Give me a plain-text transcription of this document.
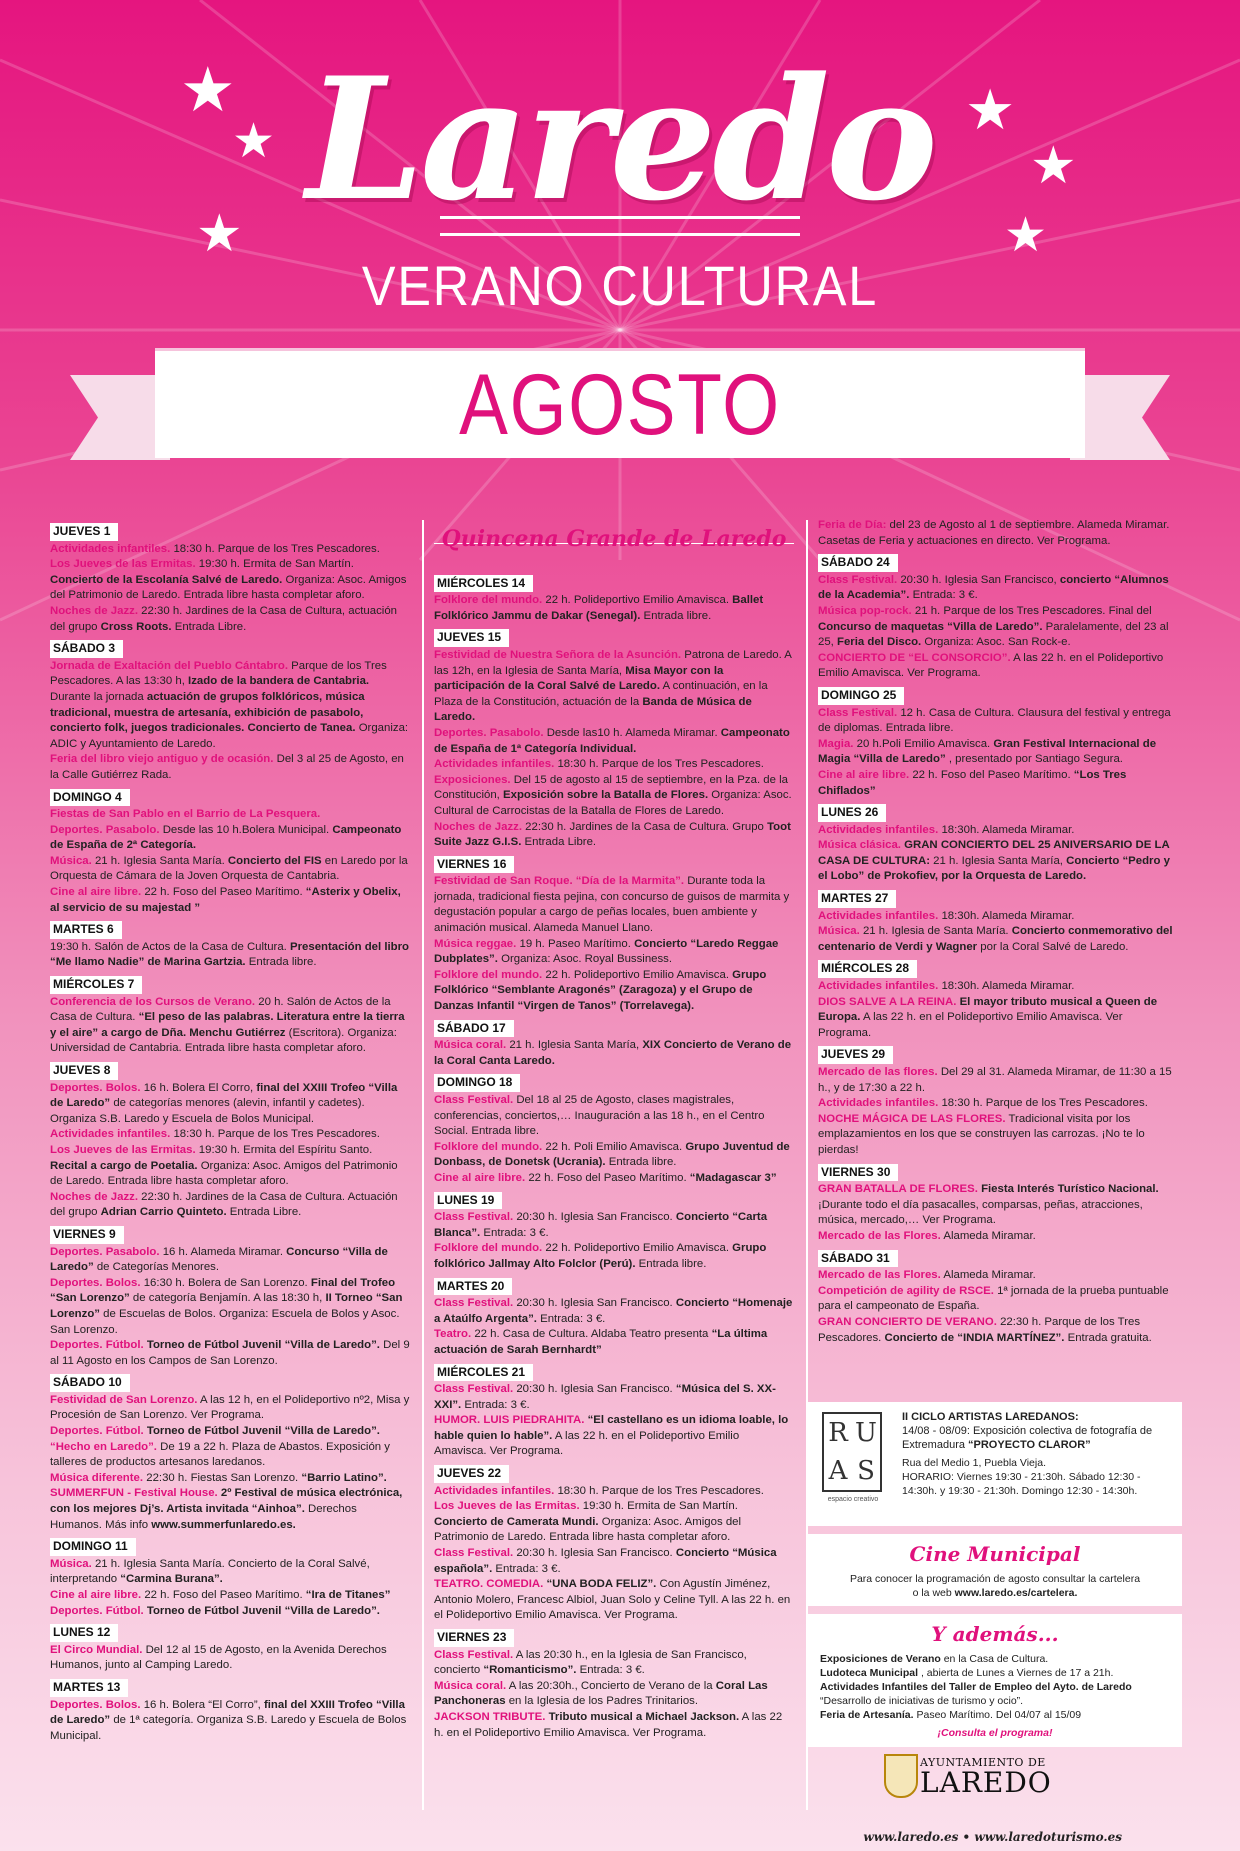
★
★
★
★
★
★
Laredo
VERANO CULTURAL
AGOSTO
JUEVES 1
Actividades infantiles. 18:30 h. Parque de los Tres Pescadores.
Los Jueves de las Ermitas. 19:30 h. Ermita de San Martín. Concierto de la Escolanía Salvé de Laredo. Organiza: Asoc. Amigos del Patrimonio de Laredo. Entrada libre hasta completar aforo.
Noches de Jazz. 22:30 h. Jardines de la Casa de Cultura, actuación del grupo Cross Roots. Entrada Libre.
SÁBADO 3
Jornada de Exaltación del Pueblo Cántabro. Parque de los Tres Pescadores. A las 13:30 h, Izado de la bandera de Cantabria. Durante la jornada actuación de grupos folklóricos, música tradicional, muestra de artesanía, exhibición de pasabolo, concierto folk, juegos tradicionales. Concierto de Tanea. Organiza: ADIC y Ayuntamiento de Laredo.
Feria del libro viejo antiguo y de ocasión. Del 3 al 25 de Agosto, en la Calle Gutiérrez Rada.
DOMINGO 4
Fiestas de San Pablo en el Barrio de La Pesquera.
Deportes. Pasabolo. Desde las 10 h.Bolera Municipal. Campeonato de España de 2ª Categoría.
Música. 21 h. Iglesia Santa María. Concierto del FIS en Laredo por la Orquesta de Cámara de la Joven Orquesta de Cantabria.
Cine al aire libre. 22 h. Foso del Paseo Marítimo. “Asterix y Obelix, al servicio de su majestad ”
MARTES 6
19:30 h. Salón de Actos de la Casa de Cultura. Presentación del libro “Me llamo Nadie” de Marina Gartzia. Entrada libre.
MIÉRCOLES 7
Conferencia de los Cursos de Verano. 20 h. Salón de Actos de la Casa de Cultura. “El peso de las palabras. Literatura entre la tierra y el aire” a cargo de Dña. Menchu Gutiérrez (Escritora). Organiza: Universidad de Cantabria. Entrada libre hasta completar aforo.
JUEVES 8
Deportes. Bolos. 16 h. Bolera El Corro, final del XXIII Trofeo “Villa de Laredo” de categorías menores (alevin, infantil y cadetes). Organiza S.B. Laredo y Escuela de Bolos Municipal.
Actividades infantiles. 18:30 h. Parque de los Tres Pescadores.
Los Jueves de las Ermitas. 19:30 h. Ermita del Espíritu Santo. Recital a cargo de Poetalia. Organiza: Asoc. Amigos del Patrimonio de Laredo. Entrada libre hasta completar aforo.
Noches de Jazz. 22:30 h. Jardines de la Casa de Cultura. Actuación del grupo Adrian Carrio Quinteto. Entrada Libre.
VIERNES 9
Deportes. Pasabolo. 16 h. Alameda Miramar. Concurso “Villa de Laredo” de Categorías Menores.
Deportes. Bolos. 16:30 h. Bolera de San Lorenzo. Final del Trofeo “San Lorenzo” de categoría Benjamín. A las 18:30 h, II Torneo “San Lorenzo” de Escuelas de Bolos. Organiza: Escuela de Bolos y Asoc. San Lorenzo.
Deportes. Fútbol. Torneo de Fútbol Juvenil “Villa de Laredo”. Del 9 al 11 Agosto en los Campos de San Lorenzo.
SÁBADO 10
Festividad de San Lorenzo. A las 12 h, en el Polideportivo nº2, Misa y Procesión de San Lorenzo. Ver Programa.
Deportes. Fútbol. Torneo de Fútbol Juvenil “Villa de Laredo”.
“Hecho en Laredo”. De 19 a 22 h. Plaza de Abastos. Exposición y talleres de productos artesanos laredanos.
Música diferente. 22:30 h. Fiestas San Lorenzo. “Barrio Latino”.
SUMMERFUN - Festival House. 2º Festival de música electrónica, con los mejores Dj’s. Artista invitada “Ainhoa”. Derechos Humanos. Más info www.summerfunlaredo.es.
DOMINGO 11
Música. 21 h. Iglesia Santa María. Concierto de la Coral Salvé, interpretando “Carmina Burana”.
Cine al aire libre. 22 h. Foso del Paseo Marítimo. “Ira de Titanes”
Deportes. Fútbol. Torneo de Fútbol Juvenil “Villa de Laredo”.
LUNES 12
El Circo Mundial. Del 12 al 15 de Agosto, en la Avenida Derechos Humanos, junto al Camping Laredo.
MARTES 13
Deportes. Bolos. 16 h. Bolera “El Corro”, final del XXIII Trofeo “Villa de Laredo” de 1ª categoría. Organiza S.B. Laredo y Escuela de Bolos Municipal.
Quincena Grande de Laredo
MIÉRCOLES 14
Folklore del mundo. 22 h. Polideportivo Emilio Amavisca. Ballet Folklórico Jammu de Dakar (Senegal). Entrada libre.
JUEVES 15
Festividad de Nuestra Señora de la Asunción. Patrona de Laredo. A las 12h, en la Iglesia de Santa María, Misa Mayor con la participación de la Coral Salvé de Laredo. A continuación, en la Plaza de la Constitución, actuación de la Banda de Música de Laredo.
Deportes. Pasabolo. Desde las10 h. Alameda Miramar. Campeonato de España de 1ª Categoría Individual.
Actividades infantiles. 18:30 h. Parque de los Tres Pescadores.
Exposiciones. Del 15 de agosto al 15 de septiembre, en la Pza. de la Constitución, Exposición sobre la Batalla de Flores. Organiza: Asoc. Cultural de Carrocistas de la Batalla de Flores de Laredo.
Noches de Jazz. 22:30 h. Jardines de la Casa de Cultura. Grupo Toot Suite Jazz G.I.S. Entrada Libre.
VIERNES 16
Festividad de San Roque. “Día de la Marmita”. Durante toda la jornada, tradicional fiesta pejina, con concurso de guisos de marmita y degustación popular a cargo de peñas locales, buen ambiente y animación musical. Alameda Manuel Llano.
Música reggae. 19 h. Paseo Marítimo. Concierto “Laredo Reggae Dubplates”. Organiza: Asoc. Royal Bussiness.
Folklore del mundo. 22 h. Polideportivo Emilio Amavisca. Grupo Folklórico “Semblante Aragonés” (Zaragoza) y el Grupo de Danzas Infantil “Virgen de Tanos” (Torrelavega).
SÁBADO 17
Música coral. 21 h. Iglesia Santa María, XIX Concierto de Verano de la Coral Canta Laredo.
DOMINGO 18
Class Festival. Del 18 al 25 de Agosto, clases magistrales, conferencias, conciertos,… Inauguración a las 18 h., en el Centro Social. Entrada libre.
Folklore del mundo. 22 h. Poli Emilio Amavisca. Grupo Juventud de Donbass, de Donetsk (Ucrania). Entrada libre.
Cine al aire libre. 22 h. Foso del Paseo Marítimo. “Madagascar 3”
LUNES 19
Class Festival. 20:30 h. Iglesia San Francisco. Concierto “Carta Blanca”. Entrada: 3 €.
Folklore del mundo. 22 h. Polideportivo Emilio Amavisca. Grupo folklórico Jallmay Alto Folclor (Perú). Entrada libre.
MARTES 20
Class Festival. 20:30 h. Iglesia San Francisco. Concierto “Homenaje a Ataúlfo Argenta”. Entrada: 3 €.
Teatro. 22 h. Casa de Cultura. Aldaba Teatro presenta “La última actuación de Sarah Bernhardt”
MIÉRCOLES 21
Class Festival. 20:30 h. Iglesia San Francisco. “Música del S. XX-XXI”. Entrada: 3 €.
HUMOR. LUIS PIEDRAHITA. “El castellano es un idioma loable, lo hable quien lo hable”. A las 22 h. en el Polideportivo Emilio Amavisca. Ver Programa.
JUEVES 22
Actividades infantiles. 18:30 h. Parque de los Tres Pescadores.
Los Jueves de las Ermitas. 19:30 h. Ermita de San Martín. Concierto de Camerata Mundi. Organiza: Asoc. Amigos del Patrimonio de Laredo. Entrada libre hasta completar aforo.
Class Festival. 20:30 h. Iglesia San Francisco. Concierto “Música española”. Entrada: 3 €.
TEATRO. COMEDIA. “UNA BODA FELIZ”. Con Agustín Jiménez, Antonio Molero, Francesc Albiol, Juan Solo y Celine Tyll. A las 22 h. en el Polideportivo Emilio Amavisca. Ver Programa.
VIERNES 23
Class Festival. A las 20:30 h., en la Iglesia de San Francisco, concierto “Romanticismo”. Entrada: 3 €.
Música coral. A las 20:30h., Concierto de Verano de la Coral Las Panchoneras en la Iglesia de los Padres Trinitarios.
JACKSON TRIBUTE. Tributo musical a Michael Jackson. A las 22 h. en el Polideportivo Emilio Amavisca. Ver Programa.
Feria de Día: del 23 de Agosto al 1 de septiembre. Alameda Miramar. Casetas de Feria y actuaciones en directo. Ver Programa.
SÁBADO 24
Class Festival. 20:30 h. Iglesia San Francisco, concierto “Alumnos de la Academia”. Entrada: 3 €.
Música pop-rock. 21 h. Parque de los Tres Pescadores. Final del Concurso de maquetas “Villa de Laredo”. Paralelamente, del 23 al 25, Feria del Disco. Organiza: Asoc. San Rock-e.
CONCIERTO DE “EL CONSORCIO”. A las 22 h. en el Polideportivo Emilio Amavisca. Ver Programa.
DOMINGO 25
Class Festival. 12 h. Casa de Cultura. Clausura del festival y entrega de diplomas. Entrada libre.
Magia. 20 h.Poli Emilio Amavisca. Gran Festival Internacional de Magia “Villa de Laredo” , presentado por Santiago Segura.
Cine al aire libre. 22 h. Foso del Paseo Marítimo. “Los Tres Chiflados”
LUNES 26
Actividades infantiles. 18:30h. Alameda Miramar.
Música clásica. GRAN CONCIERTO DEL 25 ANIVERSARIO DE LA CASA DE CULTURA: 21 h. Iglesia Santa María, Concierto “Pedro y el Lobo” de Prokofiev, por la Orquesta de Laredo.
MARTES 27
Actividades infantiles. 18:30h. Alameda Miramar.
Música. 21 h. Iglesia de Santa María. Concierto conmemorativo del centenario de Verdi y Wagner por la Coral Salvé de Laredo.
MIÉRCOLES 28
Actividades infantiles. 18:30h. Alameda Miramar.
DIOS SALVE A LA REINA. El mayor tributo musical a Queen de Europa. A las 22 h. en el Polideportivo Emilio Amavisca. Ver Programa.
JUEVES 29
Mercado de las flores. Del 29 al 31. Alameda Miramar, de 11:30 a 15 h., y de 17:30 a 22 h.
Actividades infantiles. 18:30 h. Parque de los Tres Pescadores.
NOCHE MÁGICA DE LAS FLORES. Tradicional visita por los emplazamientos en los que se construyen las carrozas. ¡No te lo pierdas!
VIERNES 30
GRAN BATALLA DE FLORES. Fiesta Interés Turístico Nacional. ¡Durante todo el día pasacalles, comparsas, peñas, atracciones, música, mercado,… Ver Programa.
Mercado de las Flores. Alameda Miramar.
SÁBADO 31
Mercado de las Flores. Alameda Miramar.
Competición de agility de RSCE. 1ª jornada de la prueba puntuable para el campeonato de España.
GRAN CONCIERTO DE VERANO. 22:30 h. Parque de los Tres Pescadores. Concierto de “INDIA MARTÍNEZ”. Entrada gratuita.
R U
A S
espacio creativo
II CICLO ARTISTAS LAREDANOS:
14/08 - 08/09: Exposición colectiva de fotografía de Extremadura “PROYECTO CLAROR”
Rua del Medio 1, Puebla Vieja.
HORARIO: Viernes 19:30 - 21:30h. Sábado 12:30 - 14:30h. y 19:30 - 21:30h. Domingo 12:30 - 14:30h.
Cine Municipal
Para conocer la programación de agosto consultar la cartelera
o la web www.laredo.es/cartelera.
Y además...
Exposiciones de Verano en la Casa de Cultura.
Ludoteca Municipal , abierta de Lunes a Viernes de 17 a 21h.
Actividades Infantiles del Taller de Empleo del Ayto. de Laredo “Desarrollo de iniciativas de turismo y ocio”.
Feria de Artesanía. Paseo Marítimo. Del 04/07 al 15/09
¡Consulta el programa!
AYUNTAMIENTO DE
LAREDO
www.laredo.es • www.laredoturismo.es
